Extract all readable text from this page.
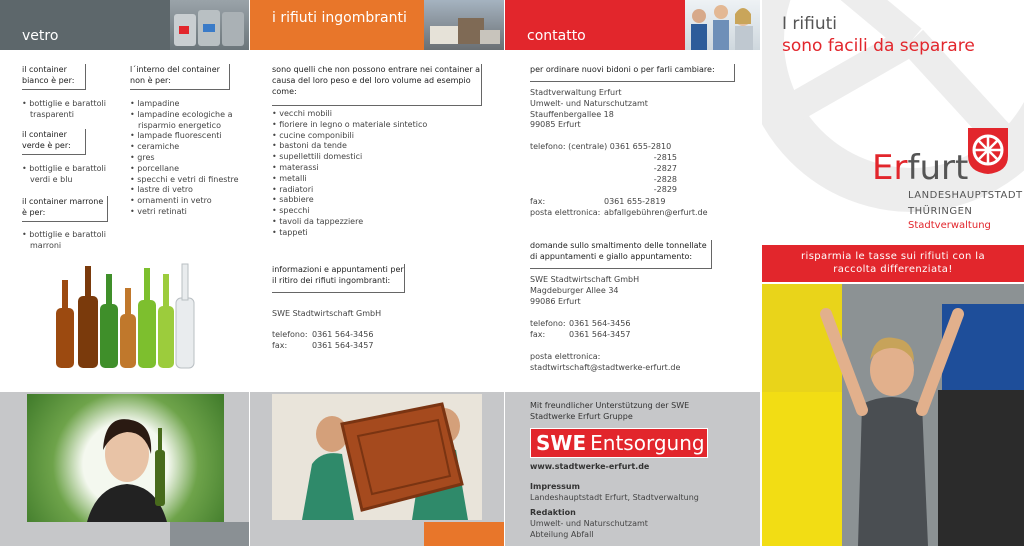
vetro
il container bianco è per:
• bottiglie e barattoli trasparenti
il container verde è per:
• bottiglie e barattoli verdi e blu
il container marrone è per:
• bottiglie e barattoli marroni
l´interno del container non è per:
• lampadine
• lampadine ecologiche a risparmio energetico
• lampade fluorescenti
• ceramiche
• gres
• porcellane
• specchi e vetri di finestre
• lastre di vetro
• ornamenti in vetro
• vetri retinati
i rifiuti ingombranti
sono quelli che non possono entrare nei container a causa del loro peso e del loro volume ad esempio come:
• vecchi mobili
• fioriere in legno o materiale sintetico
• cucine componibili
• bastoni da tende
• supellettili domestici
• materassi
• metalli
• radiatori
• sabbiere
• specchi
• tavoli da tappezziere
• tappeti
informazioni e appuntamenti per il ritiro dei rifiuti ingombranti:
SWE Stadtwirtschaft GmbH
telefono: 0361 564-3456
fax:	0361 564-3457
contatto
per ordinare nuovi bidoni o per farli cambiare:
Stadtverwaltung Erfurt
Umwelt- und Naturschutzamt
Stauffenbergallee 18
99085 Erfurt
telefono: (centrale) 0361 655-2810
-2815
-2827
-2828
-2829
fax:	0361 655-2819
posta elettronica: abfallgebühren@erfurt.de
domande sullo smaltimento delle tonnellate di appuntamenti e giallo appuntamento:
SWE Stadtwirtschaft GmbH
Magdeburger Allee 34
99086 Erfurt
telefono: 0361 564-3456
fax:	0361 564-3457
posta elettronica:
stadtwirtschaft@stadtwerke-erfurt.de
Mit freundlicher Unterstützung der SWE Stadtwerke Erfurt Gruppe
SWE Entsorgung
www.stadtwerke-erfurt.de
Impressum
Landeshauptstadt Erfurt, Stadtverwaltung
Redaktion
Umwelt- und Naturschutzamt
Abteilung Abfall
I rifiuti
sono facili da separare
Erfurt
LANDESHAUPTSTADT
THÜRINGEN
Stadtverwaltung
risparmia le tasse sui rifiuti con la raccolta differenziata!
